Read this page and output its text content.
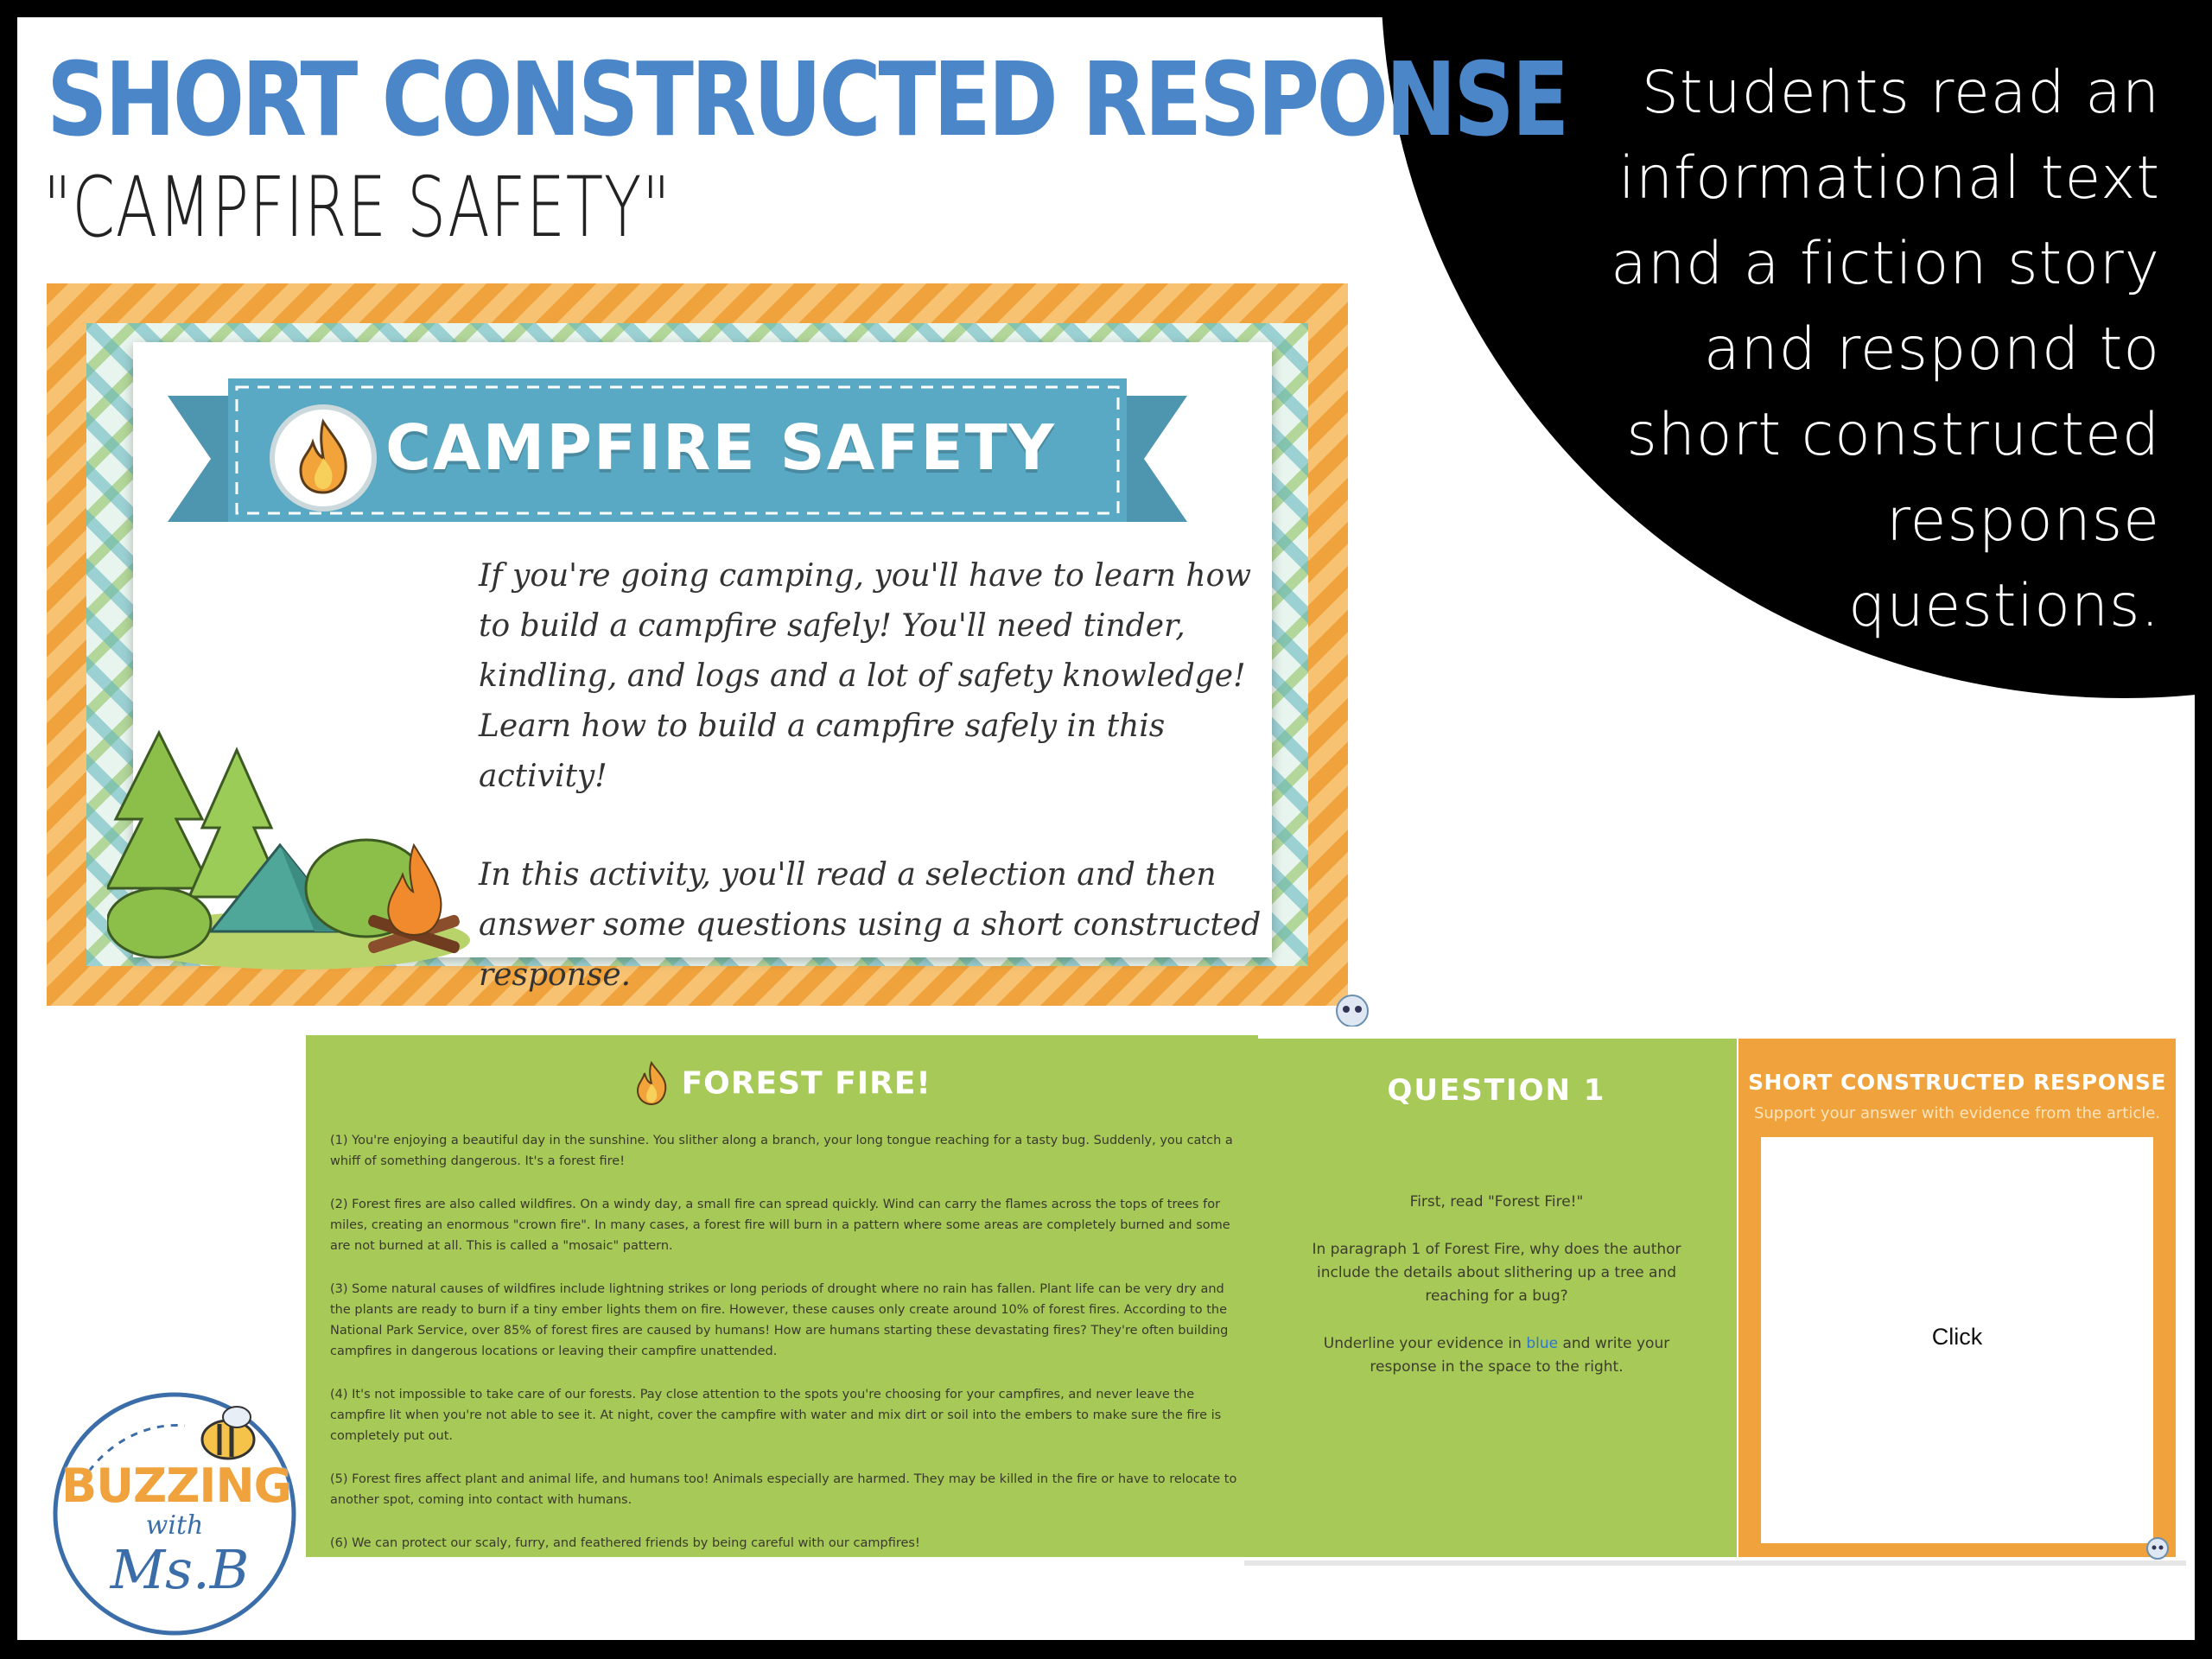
Students read an
informational text
and a fiction story
and respond to
short constructed
response
questions.
SHORT CONSTRUCTED RESPONSE
"CAMPFIRE SAFETY"
CAMPFIRE SAFETY

If you're going camping, you'll have to learn how to build a campfire safely! You'll need tinder, kindling, and logs and a lot of safety knowledge! Learn how to build a campfire safely in this activity!

In this activity, you'll read a selection and then answer some questions using a short constructed response.

FOREST FIRE!

(1) You're enjoying a beautiful day in the sunshine. You slither along a branch, your long tongue reaching for a tasty bug. Suddenly, you catch a whiff of something dangerous. It's a forest fire!

(2) Forest fires are also called wildfires. On a windy day, a small fire can spread quickly. Wind can carry the flames across the tops of trees for miles, creating an enormous "crown fire". In many cases, a forest fire will burn in a pattern where some areas are completely burned and some are not burned at all. This is called a "mosaic" pattern.

(3) Some natural causes of wildfires include lightning strikes or long periods of drought where no rain has fallen. Plant life can be very dry and the plants are ready to burn if a tiny ember lights them on fire. However, these causes only create around 10% of forest fires. According to the National Park Service, over 85% of forest fires are caused by humans! How are humans starting these devastating fires? They're often building campfires in dangerous locations or leaving their campfire unattended.

(4) It's not impossible to take care of our forests. Pay close attention to the spots you're choosing for your campfires, and never leave the campfire lit when you're not able to see it. At night, cover the campfire with water and mix dirt or soil into the embers to make sure the fire is completely put out.

(5) Forest fires affect plant and animal life, and humans too! Animals especially are harmed. They may be killed in the fire or have to relocate to another spot, coming into contact with humans.

(6) We can protect our scaly, furry, and feathered friends by being careful with our campfires!

QUESTION 1

First, read "Forest Fire!"

In paragraph 1 of Forest Fire, why does the author include the details about slithering up a tree and reaching for a bug?

Underline your evidence in blue and write your response in the space to the right.

SHORT CONSTRUCTED RESPONSE
Support your answer with evidence from the article.
Click
BUZZING
with
Ms.B
